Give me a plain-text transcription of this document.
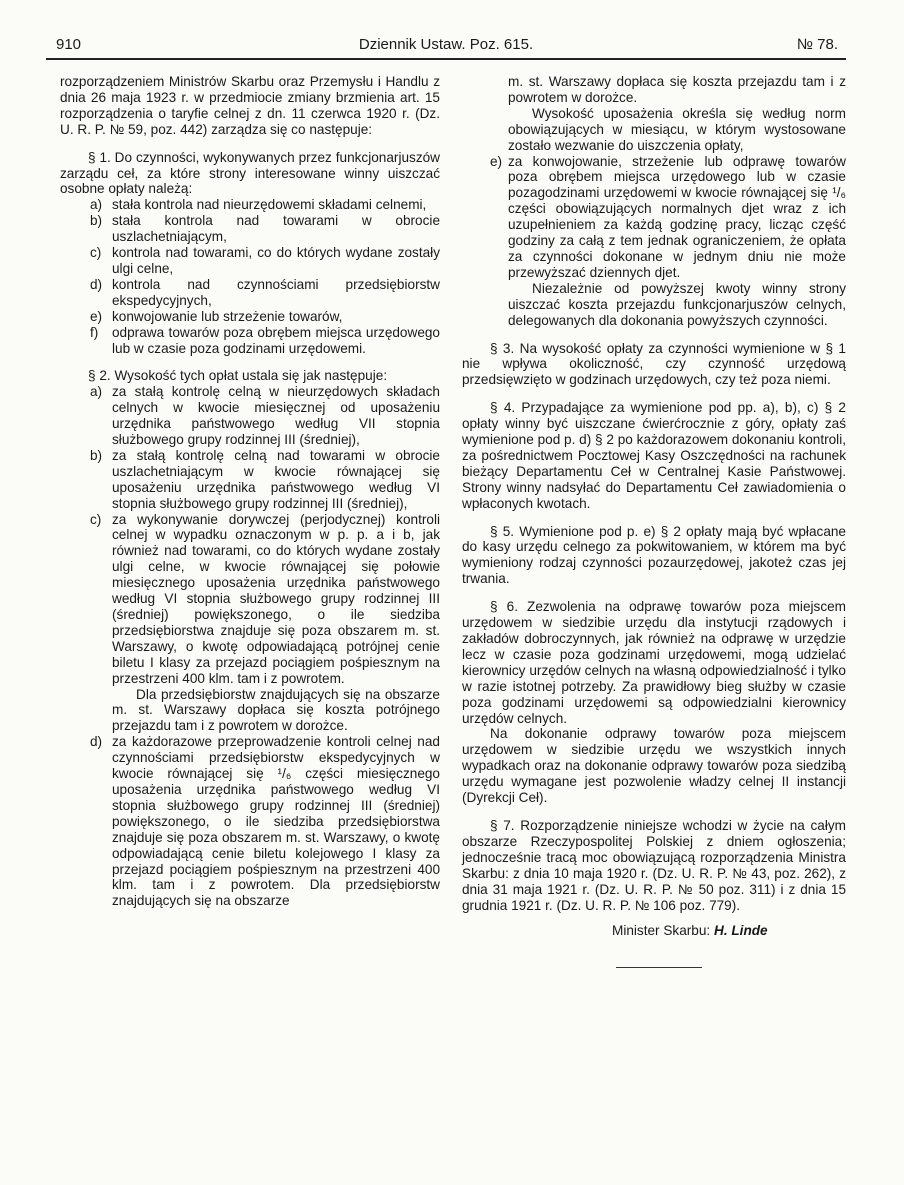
910	Dziennik Ustaw. Poz. 615.	№ 78.

rozporządzeniem Ministrów Skarbu oraz Przemysłu i Handlu z dnia 26 maja 1923 r. w przedmiocie zmiany brzmienia art. 15 rozporządzenia o taryfie celnej z dn. 11 czerwca 1920 r. (Dz. U. R. P. № 59, poz. 442) zarządza się co następuje:

§ 1. Do czynności, wykonywanych przez funkcjonarjuszów zarządu ceł, za które strony interesowane winny uiszczać osobne opłaty należą:

a) stała kontrola nad nieurzędowemi składami celnemi,

b) stała kontrola nad towarami w obrocie uszlachetniającym,

c) kontrola nad towarami, co do których wydane zostały ulgi celne,

d) kontrola nad czynnościami przedsiębiorstw ekspedycyjnych,

e) konwojowanie lub strzeżenie towarów,

f) odprawa towarów poza obrębem miejsca urzędowego lub w czasie poza godzinami urzędowemi.

§ 2. Wysokość tych opłat ustala się jak następuje:

a) za stałą kontrolę celną w nieurzędowych składach celnych w kwocie miesięcznej od uposażeniu urzędnika państwowego według VII stopnia służbowego grupy rodzinnej III (średniej),

b) za stałą kontrolę celną nad towarami w obrocie uszlachetniającym w kwocie równającej się uposażeniu urzędnika państwowego według VI stopnia służbowego grupy rodzinnej III (średniej),

c) za wykonywanie dorywczej (perjodycznej) kontroli celnej w wypadku oznaczonym w p. p. a i b, jak również nad towarami, co do których wydane zostały ulgi celne, w kwocie równającej się połowie miesięcznego uposażenia urzędnika państwowego według VI stopnia służbowego grupy rodzinnej III (średniej) powiększonego, o ile siedziba przedsiębiorstwa znajduje się poza obszarem m. st. Warszawy, o kwotę odpowiadającą potrójnej cenie biletu I klasy za przejazd pociągiem pośpiesznym na przestrzeni 400 klm. tam i z powrotem.

Dla przedsiębiorstw znajdujących się na obszarze m. st. Warszawy dopłaca się koszta potrójnego przejazdu tam i z powrotem w dorożce.

d) za każdorazowe przeprowadzenie kontroli celnej nad czynnościami przedsiębiorstw ekspedycyjnych w kwocie równającej się ¹/₆ części miesięcznego uposażenia urzędnika państwowego według VI stopnia służbowego grupy rodzinnej III (średniej) powiększonego, o ile siedziba przedsiębiorstwa znajduje się poza obszarem m. st. Warszawy, o kwotę odpowiadającą cenie biletu kolejowego I klasy za przejazd pociągiem pośpiesznym na przestrzeni 400 klm. tam i z powrotem. Dla przedsiębiorstw znajdujących się na obszarze

m. st. Warszawy dopłaca się koszta przejazdu tam i z powrotem w dorożce.

Wysokość uposażenia określa się według norm obowiązujących w miesiącu, w którym wystosowane zostało wezwanie do uiszczenia opłaty,

e) za konwojowanie, strzeżenie lub odprawę towarów poza obrębem miejsca urzędowego lub w czasie pozagodzinami urzędowemi w kwocie równającej się ¹/₆ części obowiązujących normalnych djet wraz z ich uzupełnieniem za każdą godzinę pracy, licząc część godziny za całą z tem jednak ograniczeniem, że opłata za czynności dokonane w jednym dniu nie może przewyższać dziennych djet.

Niezależnie od powyższej kwoty winny strony uiszczać koszta przejazdu funkcjonarjuszów celnych, delegowanych dla dokonania powyższych czynności.

§ 3. Na wysokość opłaty za czynności wymienione w § 1 nie wpływa okoliczność, czy czynność urzędową przedsięwzięto w godzinach urzędowych, czy też poza niemi.

§ 4. Przypadające za wymienione pod pp. a), b), c) § 2 opłaty winny być uiszczane ćwierćrocznie z góry, opłaty zaś wymienione pod p. d) § 2 po każdorazowem dokonaniu kontroli, za pośrednictwem Pocztowej Kasy Oszczędności na rachunek bieżący Departamentu Ceł w Centralnej Kasie Państwowej. Strony winny nadsyłać do Departamentu Ceł zawiadomienia o wpłaconych kwotach.

§ 5. Wymienione pod p. e) § 2 opłaty mają być wpłacane do kasy urzędu celnego za pokwitowaniem, w którem ma być wymieniony rodzaj czynności pozaurzędowej, jakoteż czas jej trwania.

§ 6. Zezwolenia na odprawę towarów poza miejscem urzędowem w siedzibie urzędu dla instytucji rządowych i zakładów dobroczynnych, jak również na odprawę w urzędzie lecz w czasie poza godzinami urzędowemi, mogą udzielać kierownicy urzędów celnych na własną odpowiedzialność i tylko w razie istotnej potrzeby. Za prawidłowy bieg służby w czasie poza godzinami urzędowemi są odpowiedzialni kierownicy urzędów celnych.

Na dokonanie odprawy towarów poza miejscem urzędowem w siedzibie urzędu we wszystkich innych wypadkach oraz na dokonanie odprawy towarów poza siedzibą urzędu wymagane jest pozwolenie władzy celnej II instancji (Dyrekcji Ceł).

§ 7. Rozporządzenie niniejsze wchodzi w życie na całym obszarze Rzeczypospolitej Polskiej z dniem ogłoszenia; jednocześnie tracą moc obowiązującą rozporządzenia Ministra Skarbu: z dnia 10 maja 1920 r. (Dz. U. R. P. № 43, poz. 262), z dnia 31 maja 1921 r. (Dz. U. R. P. № 50 poz. 311) i z dnia 15 grudnia 1921 r. (Dz. U. R. P. № 106 poz. 779).

Minister Skarbu: H. Linde
